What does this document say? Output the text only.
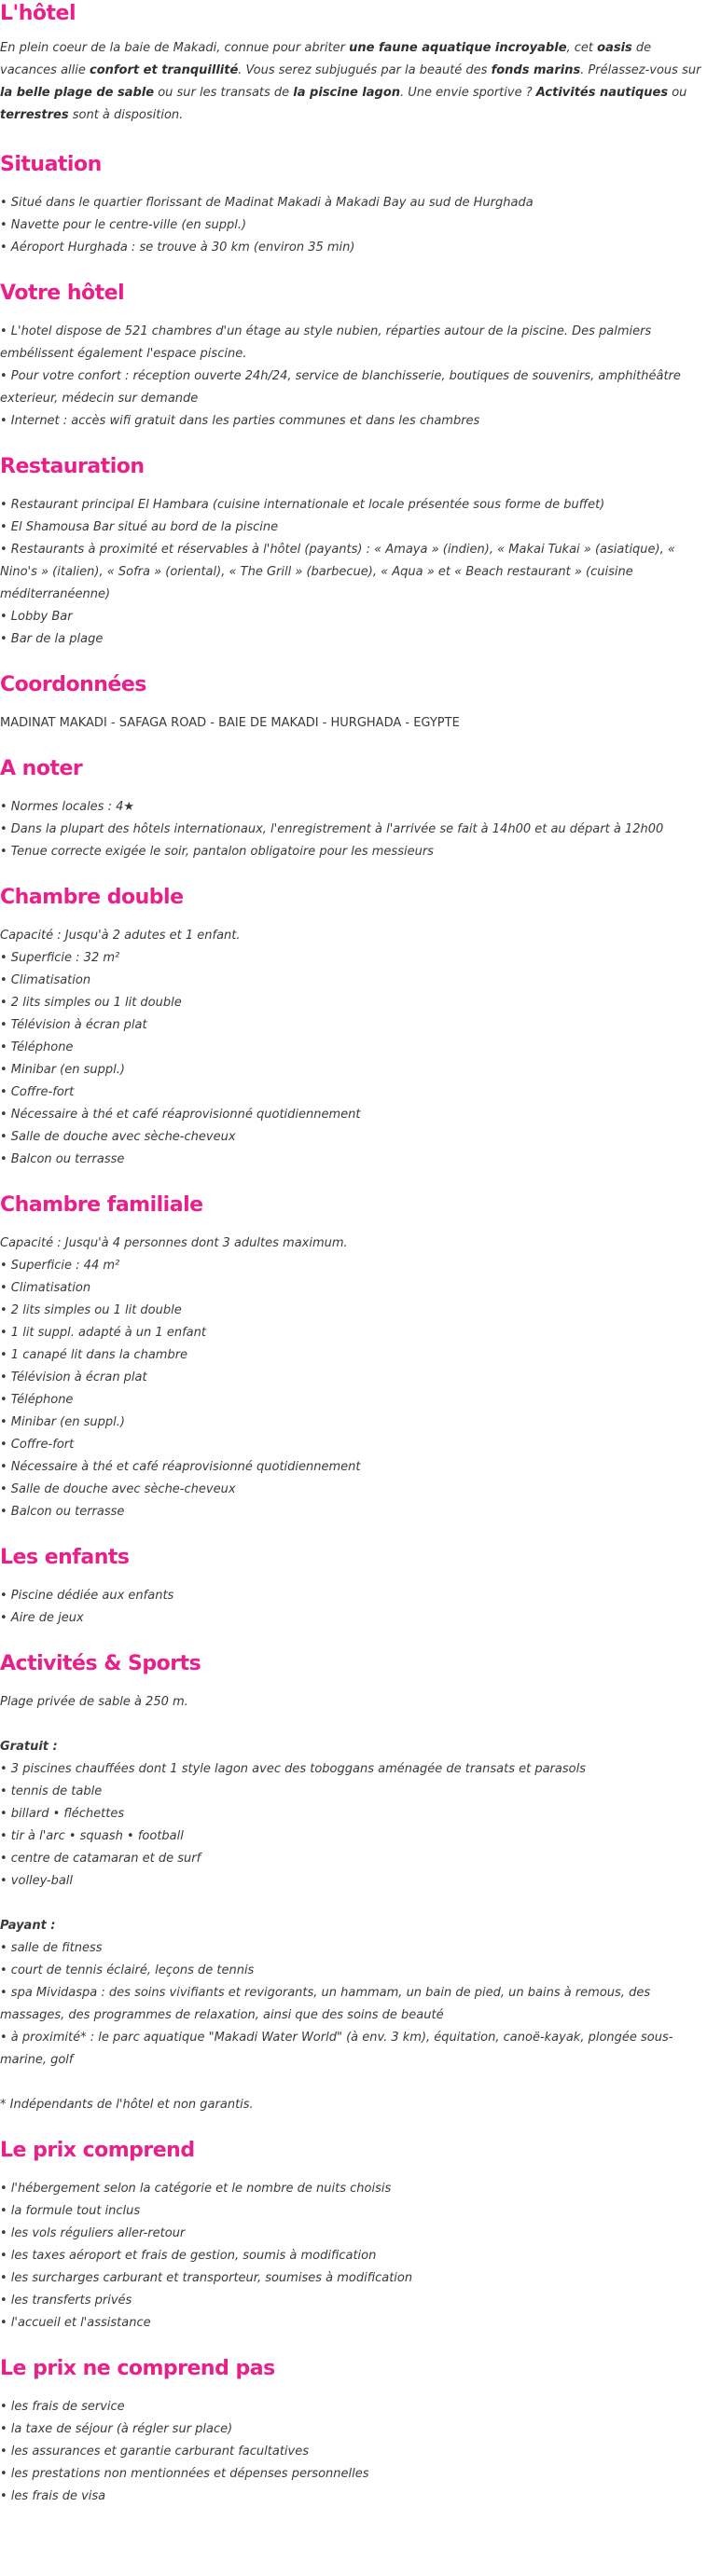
L'hôtel

En plein coeur de la baie de Makadi, connue pour abriter une faune aquatique incroyable, cet oasis de vacances allie confort et tranquillité. Vous serez subjugués par la beauté des fonds marins. Prélassez-vous sur la belle plage de sable ou sur les transats de la piscine lagon. Une envie sportive ? Activités nautiques ou terrestres sont à disposition.

Situation
• Situé dans le quartier florissant de Madinat Makadi à Makadi Bay au sud de Hurghada
• Navette pour le centre-ville (en suppl.)
• Aéroport Hurghada : se trouve à 30 km (environ 35 min)
Votre hôtel
• L'hotel dispose de 521 chambres d'un étage au style nubien, réparties autour de la piscine. Des palmiers embélissent également l'espace piscine.
• Pour votre confort : réception ouverte 24h/24, service de blanchisserie, boutiques de souvenirs, amphithéâtre exterieur, médecin sur demande
• Internet : accès wifi gratuit dans les parties communes et dans les chambres
Restauration
• Restaurant principal El Hambara (cuisine internationale et locale présentée sous forme de buffet)
• El Shamousa Bar situé au bord de la piscine
• Restaurants à proximité et réservables à l'hôtel (payants) : « Amaya » (indien), « Makai Tukai » (asiatique), « Nino's » (italien), « Sofra » (oriental), « The Grill » (barbecue), « Aqua » et « Beach restaurant » (cuisine méditerranéenne)
• Lobby Bar
• Bar de la plage
Coordonnées

MADINAT MAKADI - SAFAGA ROAD - BAIE DE MAKADI - HURGHADA - EGYPTE

A noter
• Normes locales : 4★
• Dans la plupart des hôtels internationaux, l'enregistrement à l'arrivée se fait à 14h00 et au départ à 12h00
• Tenue correcte exigée le soir, pantalon obligatoire pour les messieurs
Chambre double

Capacité : Jusqu'à 2 adutes et 1 enfant.

• Superficie : 32 m²
• Climatisation
• 2 lits simples ou 1 lit double
• Télévision à écran plat
• Téléphone
• Minibar (en suppl.)
• Coffre-fort
• Nécessaire à thé et café réaprovisionné quotidiennement
• Salle de douche avec sèche-cheveux
• Balcon ou terrasse
Chambre familiale

Capacité : Jusqu'à 4 personnes dont 3 adultes maximum.

• Superficie : 44 m²
• Climatisation
• 2 lits simples ou 1 lit double
• 1 lit suppl. adapté à un 1 enfant
• 1 canapé lit dans la chambre
• Télévision à écran plat
• Téléphone
• Minibar (en suppl.)
• Coffre-fort
• Nécessaire à thé et café réaprovisionné quotidiennement
• Salle de douche avec sèche-cheveux
• Balcon ou terrasse
Les enfants
• Piscine dédiée aux enfants
• Aire de jeux
Activités & Sports

Plage privée de sable à 250 m.

Gratuit :
• 3 piscines chauffées dont 1 style lagon avec des toboggans aménagée de transats et parasols
• tennis de table
• billard • fléchettes
• tir à l'arc • squash • football
• centre de catamaran et de surf
• volley-ball
Payant :
• salle de fitness
• court de tennis éclairé, leçons de tennis
• spa Mividaspa : des soins vivifiants et revigorants, un hammam, un bain de pied, un bains à remous, des massages, des programmes de relaxation, ainsi que des soins de beauté
• à proximité* : le parc aquatique "Makadi Water World" (à env. 3 km), équitation, canoë-kayak, plongée sous-marine, golf

* Indépendants de l'hôtel et non garantis.

Le prix comprend
• l'hébergement selon la catégorie et le nombre de nuits choisis
• la formule tout inclus
• les vols réguliers aller-retour
• les taxes aéroport et frais de gestion, soumis à modification
• les surcharges carburant et transporteur, soumises à modification
• les transferts privés
• l'accueil et l'assistance
Le prix ne comprend pas
• les frais de service
• la taxe de séjour (à régler sur place)
• les assurances et garantie carburant facultatives
• les prestations non mentionnées et dépenses personnelles
• les frais de visa
